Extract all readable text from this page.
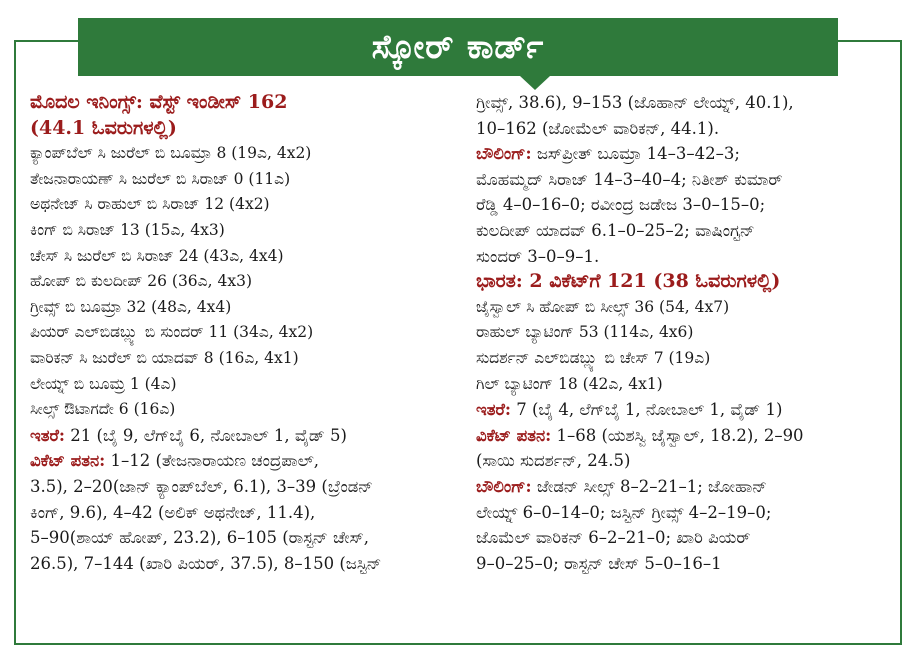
ಸ್ಕೋರ್ ಕಾರ್ಡ್
ಮೊದಲ ಇನಿಂಗ್ಸ್: ವೆಸ್ಟ್ ಇಂಡೀಸ್ 162
(44.1 ಓವರುಗಳಲ್ಲಿ)
ಕ್ಯಾಂಪ್‌ಬೆಲ್ ಸಿ ಜುರೆಲ್ ಬಿ ಬೂಮ್ರಾ 8 (19ಎ, 4x2)
ತೇಜನಾರಾಯಣ್ ಸಿ ಜುರೆಲ್ ಬಿ ಸಿರಾಜ್ 0 (11ಎ)
ಅಥನೇಜ್ ಸಿ ರಾಹುಲ್ ಬಿ ಸಿರಾಜ್ 12 (4x2)
ಕಿಂಗ್ ಬಿ ಸಿರಾಜ್ 13 (15ಎ, 4x3)
ಚೇಸ್ ಸಿ ಜುರೆಲ್ ಬಿ ಸಿರಾಜ್ 24 (43ಎ, 4x4)
ಹೋಪ್ ಬಿ ಕುಲದೀಪ್ 26 (36ಎ, 4x3)
ಗ್ರೀವ್ಸ್ ಬಿ ಬೂಮ್ರಾ 32 (48ಎ, 4x4)
ಪಿಯರ್ ಎಲ್‌ಬಿಡಬ್ಲ್ಯು ಬಿ ಸುಂದರ್ 11 (34ಎ, 4x2)
ವಾರಿಕನ್ ಸಿ ಜುರೆಲ್ ಬಿ ಯಾದವ್ 8 (16ಎ, 4x1)
ಲೇಯ್ನ್ ಬಿ ಬೂಮ್ರ 1 (4ಎ)
ಸೀಲ್ಸ್ ಔಟಾಗದೇ 6 (16ಎ)
ಇತರೆ: 21 (ಬೈ 9, ಲೆಗ್‌ಬೈ 6, ನೋಬಾಲ್ 1, ವೈಡ್ 5)
ವಿಕೆಟ್ ಪತನ: 1–12 (ತೇಜನಾರಾಯಣ ಚಂದ್ರಪಾಲ್,
3.5), 2–20(ಜಾನ್ ಕ್ಯಾಂಪ್‌ಬೆಲ್, 6.1), 3–39 (ಬ್ರೆಂಡನ್
ಕಿಂಗ್, 9.6), 4–42 (ಅಲಿಕ್ ಅಥನೇಜ್, 11.4),
5–90(ಶಾಯ್ ಹೋಪ್, 23.2), 6–105 (ರಾಸ್ಟನ್ ಚೇಸ್,
26.5), 7–144 (ಖಾರಿ ಪಿಯರ್, 37.5), 8–150 (ಜಸ್ಟಿನ್
ಗ್ರೀವ್ಸ್, 38.6), 9–153 (ಜೊಹಾನ್ ಲೇಯ್ನ್, 40.1),
10–162 (ಜೋಮೆಲ್ ವಾರಿಕನ್, 44.1).
ಬೌಲಿಂಗ್: ಜಸ್‌ಪ್ರೀತ್ ಬೂಮ್ರಾ 14–3–42–3;
ಮೊಹಮ್ಮದ್ ಸಿರಾಜ್ 14–3–40–4; ನಿತೀಶ್ ಕುಮಾರ್
ರೆಡ್ಡಿ 4–0–16–0; ರವೀಂದ್ರ ಜಡೇಜ 3–0–15–0;
ಕುಲದೀಪ್ ಯಾದವ್ 6.1–0–25–2; ವಾಷಿಂಗ್ಟನ್
ಸುಂದರ್ 3–0–9–1.
ಭಾರತ: 2 ವಿಕೆಟ್‌ಗೆ 121 (38 ಓವರುಗಳಲ್ಲಿ)
ಜೈಸ್ವಾಲ್ ಸಿ ಹೋಪ್ ಬಿ ಸೀಲ್ಸ್ 36 (54, 4x7)
ರಾಹುಲ್ ಬ್ಯಾಟಿಂಗ್ 53 (114ಎ, 4x6)
ಸುದರ್ಶನ್ ಎಲ್‌ಬಿಡಬ್ಲ್ಯು ಬಿ ಚೇಸ್ 7 (19ಎ)
ಗಿಲ್ ಬ್ಯಾಟಿಂಗ್ 18 (42ಎ, 4x1)
ಇತರೆ: 7 (ಬೈ 4, ಲೆಗ್‌ಬೈ 1, ನೋಬಾಲ್ 1, ವೈಡ್ 1)
ವಿಕೆಟ್ ಪತನ: 1–68 (ಯಶಸ್ವಿ ಜೈಸ್ವಾಲ್, 18.2), 2–90
(ಸಾಯಿ ಸುದರ್ಶನ್, 24.5)
ಬೌಲಿಂಗ್: ಜೇಡನ್ ಸೀಲ್ಸ್ 8–2–21–1; ಜೋಹಾನ್
ಲೇಯ್ನ್ 6–0–14–0; ಜಸ್ಟಿನ್ ಗ್ರೀವ್ಸ್ 4–2–19–0;
ಜೊಮೆಲ್ ವಾರಿಕನ್ 6–2–21–0; ಖಾರಿ ಪಿಯರ್
9–0–25–0; ರಾಸ್ಟನ್ ಚೇಸ್ 5–0–16–1
